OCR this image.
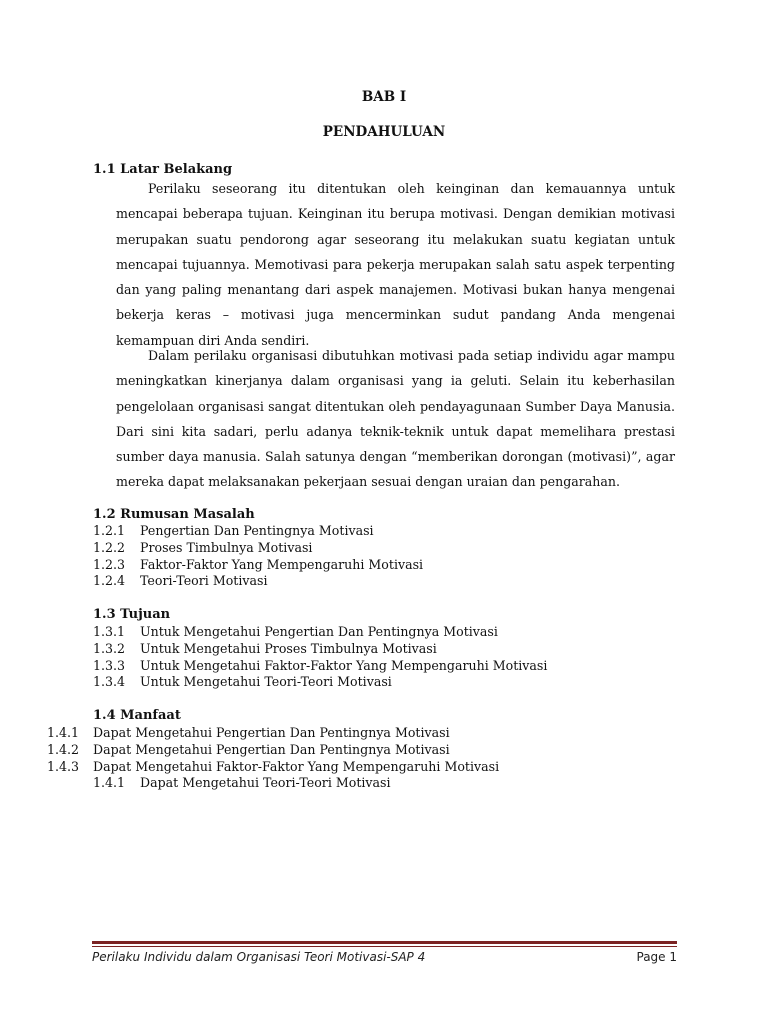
BAB I
PENDAHULUAN
1.1 Latar Belakang

Perilaku seseorang itu ditentukan oleh keinginan dan kemauannya untuk mencapai beberapa tujuan. Keinginan itu berupa motivasi. Dengan demikian motivasi merupakan suatu pendorong agar seseorang itu melakukan suatu kegiatan untuk mencapai tujuannya. Memotivasi para pekerja merupakan salah satu aspek terpenting dan yang paling menantang dari aspek manajemen. Motivasi bukan hanya mengenai bekerja keras – motivasi juga mencerminkan sudut pandang Anda mengenai kemampuan diri Anda sendiri.

Dalam perilaku organisasi dibutuhkan motivasi pada setiap individu agar mampu meningkatkan kinerjanya dalam organisasi yang ia geluti. Selain itu keberhasilan pengelolaan organisasi sangat ditentukan oleh pendayagunaan Sumber Daya Manusia. Dari sini kita sadari, perlu adanya teknik-teknik untuk dapat memelihara prestasi sumber daya manusia. Salah satunya dengan “memberikan dorongan (motivasi)”, agar mereka dapat melaksanakan pekerjaan sesuai dengan uraian dan pengarahan.

1.2 Rumusan Masalah
1.2.1	Pengertian Dan Pentingnya Motivasi
1.2.2	Proses Timbulnya Motivasi
1.2.3	Faktor-Faktor Yang Mempengaruhi Motivasi
1.2.4	Teori-Teori Motivasi
1.3 Tujuan
1.3.1	Untuk Mengetahui Pengertian Dan Pentingnya Motivasi
1.3.2	Untuk Mengetahui Proses Timbulnya Motivasi
1.3.3	Untuk Mengetahui Faktor-Faktor Yang Mempengaruhi Motivasi
1.3.4	Untuk Mengetahui Teori-Teori Motivasi
1.4 Manfaat
1.4.1	Dapat Mengetahui Pengertian Dan Pentingnya Motivasi
1.4.2	Dapat Mengetahui Pengertian Dan Pentingnya Motivasi
1.4.3	Dapat Mengetahui Faktor-Faktor Yang Mempengaruhi Motivasi
1.4.1	Dapat Mengetahui Teori-Teori Motivasi
Perilaku Individu dalam Organisasi Teori Motivasi-SAP 4	Page 1
